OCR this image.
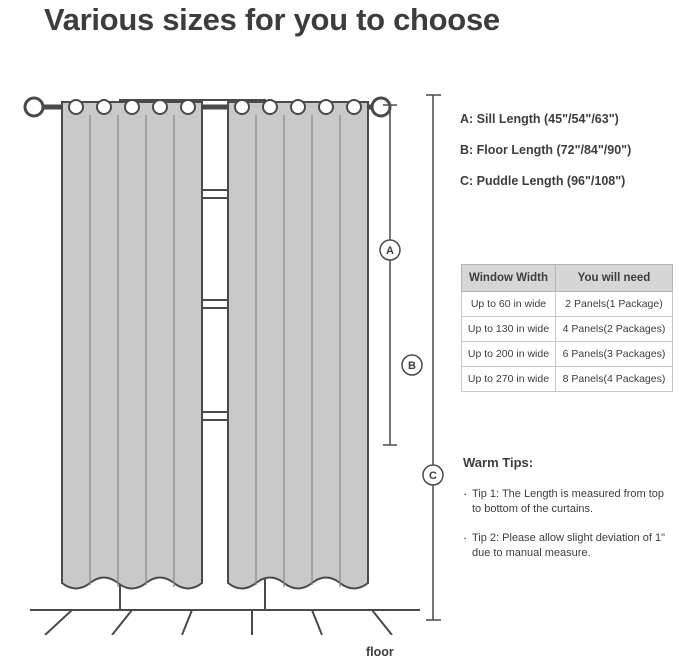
Various sizes for you to choose
A
B
C
floor
A: Sill Length (45"/54"/63")
B: Floor Length (72"/84"/90")
C: Puddle Length (96"/108")
Window Width	You will need
Up to 60 in wide	2 Panels(1 Package)
Up to 130 in wide	4 Panels(2 Packages)
Up to 200 in wide	6 Panels(3 Packages)
Up to 270 in wide	8 Panels(4 Packages)
Warm Tips:
· Tip 1: The Length is measured from top to bottom of the curtains.
· Tip 2: Please allow slight deviation of 1" due to manual measure.
